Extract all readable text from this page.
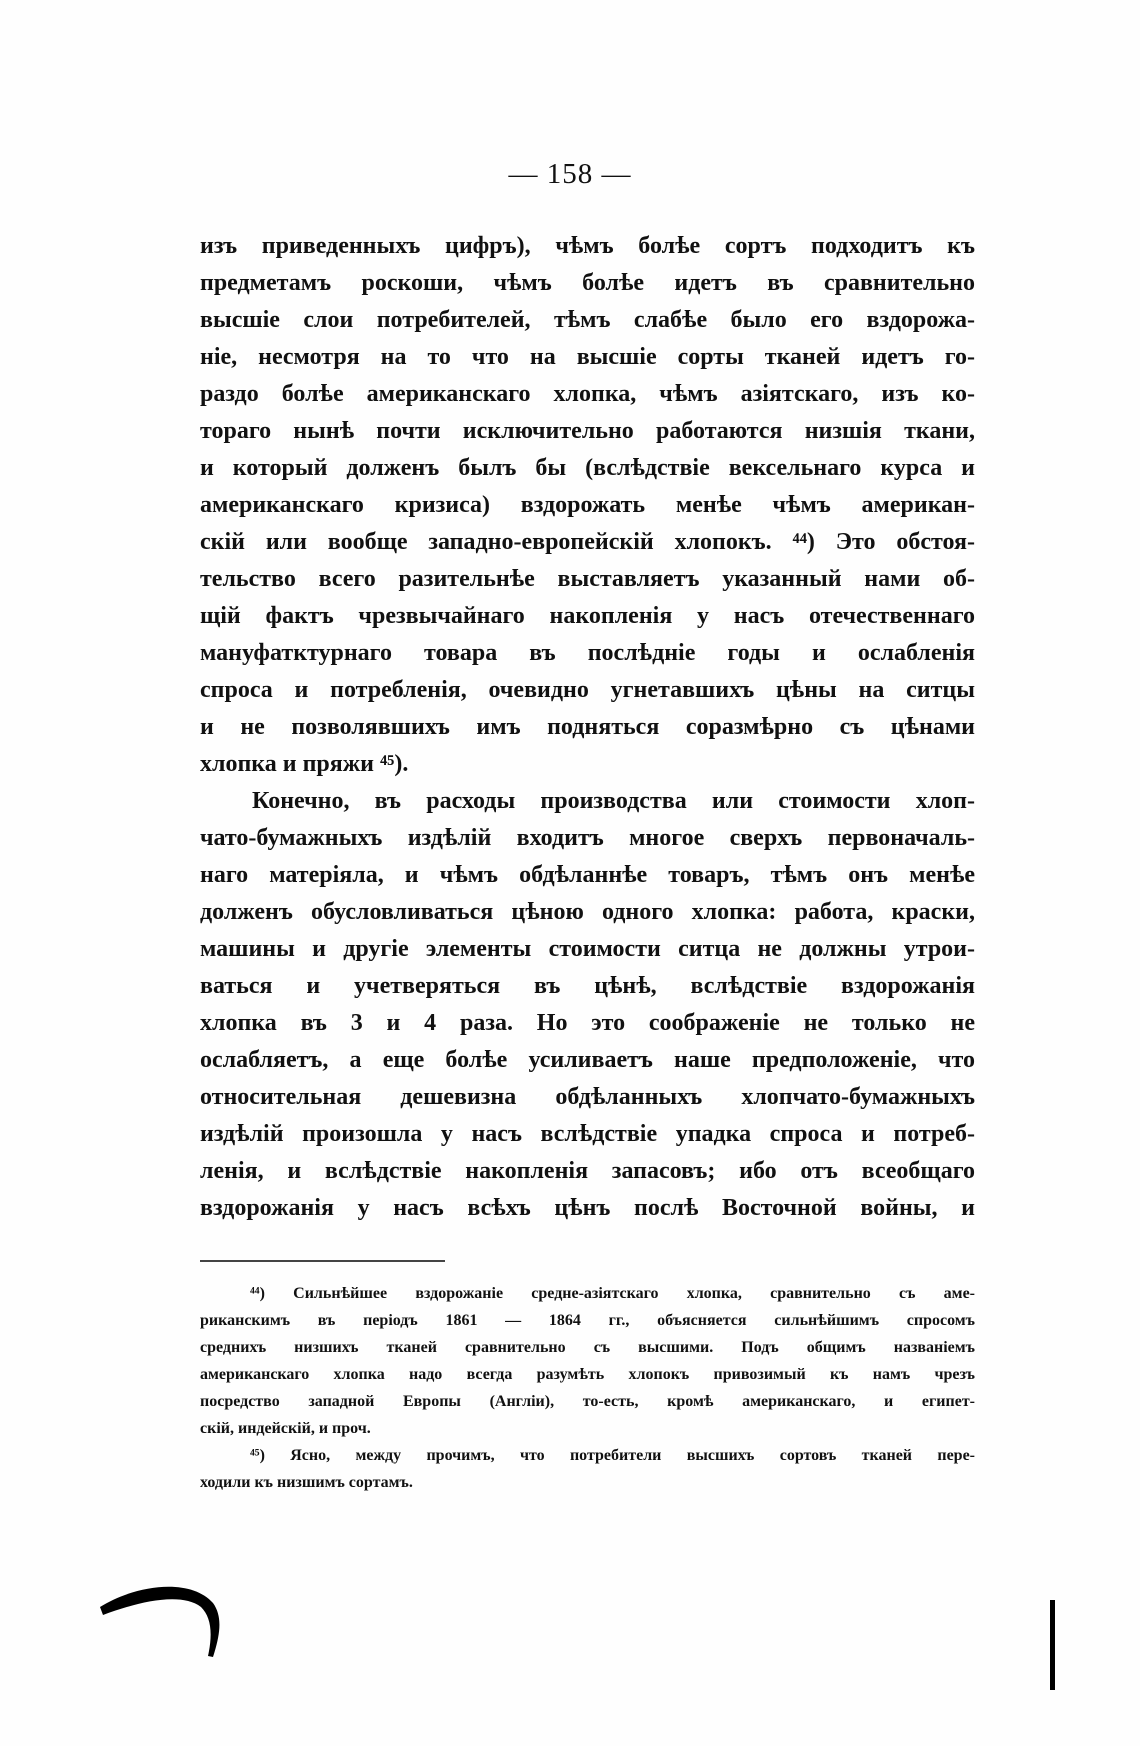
— 158 —
изъ приведенныхъ цифръ), чѣмъ болѣе сортъ подходитъ къ
предметамъ роскоши, чѣмъ болѣе идетъ въ сравнительно
высшіе слои потребителей, тѣмъ слабѣе было его вздорожа-
ніе, несмотря на то что на высшіе сорты тканей идетъ го-
раздо болѣе американскаго хлопка, чѣмъ азіятскаго, изъ ко-
тораго нынѣ почти исключительно работаются низшія ткани,
и который долженъ былъ бы (вслѣдствіе вексельнаго курса и
американскаго кризиса) вздорожать менѣе чѣмъ американ-
скій или вообще западно-европейскій хлопокъ. ⁴⁴) Это обстоя-
тельство всего разительнѣе выставляетъ указанный нами об-
щій фактъ чрезвычайнаго накопленія у насъ отечественнаго
мануфатктурнаго товара въ послѣдніе годы и ослабленія
спроса и потребленія, очевидно угнетавшихъ цѣны на ситцы
и не позволявшихъ имъ подняться соразмѣрно съ цѣнами
хлопка и пряжи ⁴⁵).
Конечно, въ расходы производства или стоимости хлоп-
чато-бумажныхъ издѣлій входитъ многое сверхъ первоначаль-
наго матеріяла, и чѣмъ обдѣланнѣе товаръ, тѣмъ онъ менѣе
долженъ обусловливаться цѣною одного хлопка: работа, краски,
машины и другіе элементы стоимости ситца не должны утрои-
ваться и учетверяться въ цѣнѣ, вслѣдствіе вздорожанія
хлопка въ 3 и 4 раза. Но это соображеніе не только не
ослабляетъ, а еще болѣе усиливаетъ наше предположеніе, что
относительная дешевизна обдѣланныхъ хлопчато-бумажныхъ
издѣлій произошла у насъ вслѣдствіе упадка спроса и потреб-
ленія, и вслѣдствіе накопленія запасовъ; ибо отъ всеобщаго
вздорожанія у насъ всѣхъ цѣнъ послѣ Восточной войны, и
⁴⁴) Сильнѣйшее вздорожаніе средне-азіятскаго хлопка, сравнительно съ аме-
риканскимъ въ періодъ 1861 — 1864 гг., объясняется сильнѣйшимъ спросомъ
среднихъ низшихъ тканей сравнительно съ высшими. Подъ общимъ названіемъ
американскаго хлопка надо всегда разумѣть хлопокъ привозимый къ намъ чрезъ
посредство западной Европы (Англіи), то-есть, кромѣ американскаго, и египет-
скій, индейскій, и проч.
⁴⁵) Ясно, между прочимъ, что потребители высшихъ сортовъ тканей пере-
ходили къ низшимъ сортамъ.
